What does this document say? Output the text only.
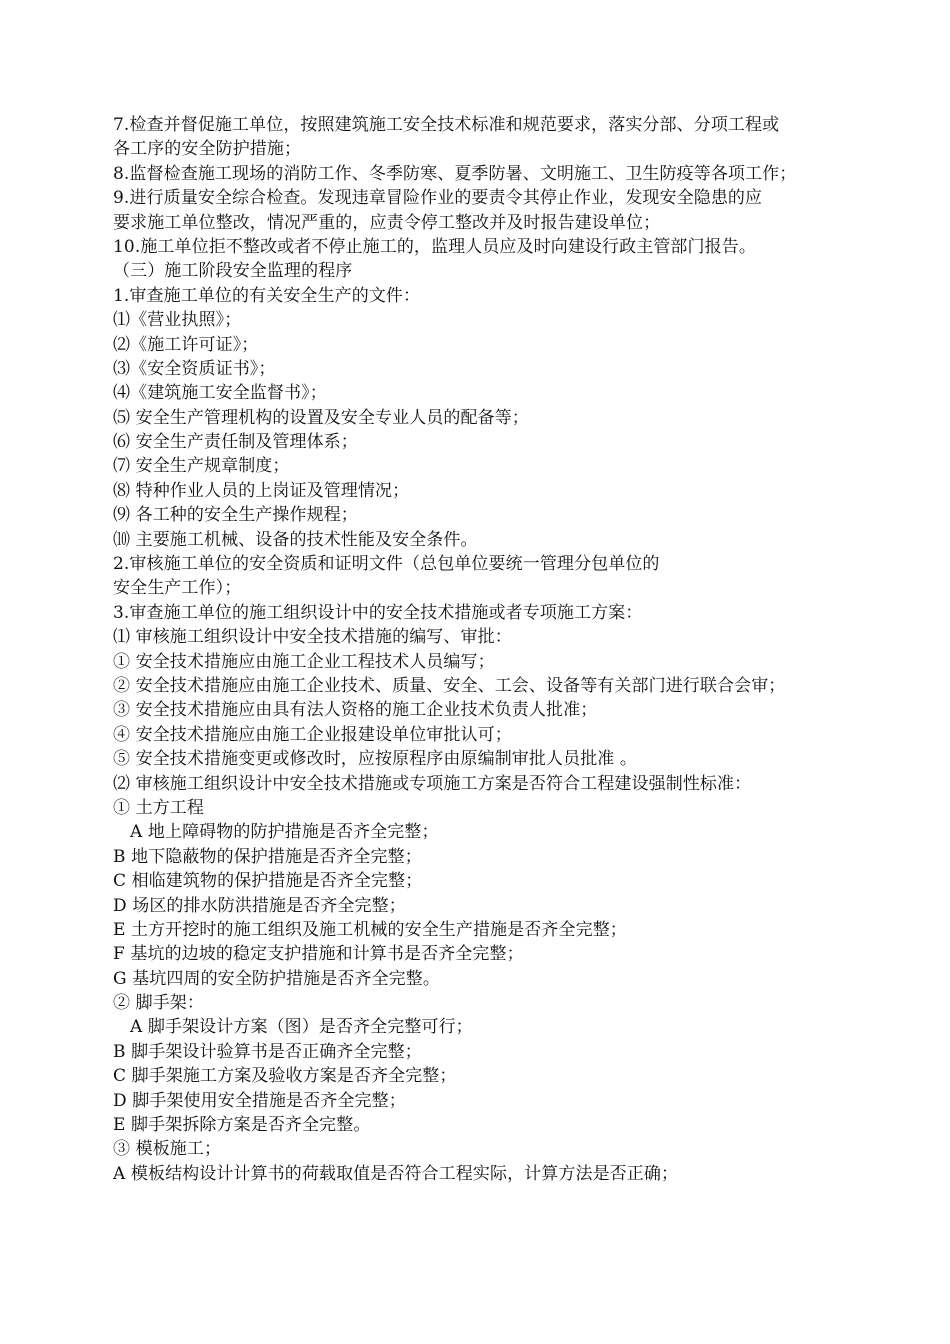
7.检查并督促施工单位，按照建筑施工安全技术标准和规范要求，落实分部、分项工程或
各工序的安全防护措施；
8.监督检查施工现场的消防工作、冬季防寒、夏季防暑、文明施工、卫生防疫等各项工作；
9.进行质量安全综合检查。发现违章冒险作业的要责令其停止作业，发现安全隐患的应
要求施工单位整改，情况严重的，应责令停工整改并及时报告建设单位；
10.施工单位拒不整改或者不停止施工的，监理人员应及时向建设行政主管部门报告。
（三）施工阶段安全监理的程序
1.审查施工单位的有关安全生产的文件：
⑴《营业执照》；
⑵《施工许可证》；
⑶《安全资质证书》；
⑷《建筑施工安全监督书》；
⑸ 安全生产管理机构的设置及安全专业人员的配备等；
⑹ 安全生产责任制及管理体系；
⑺ 安全生产规章制度；
⑻ 特种作业人员的上岗证及管理情况；
⑼ 各工种的安全生产操作规程；
⑽ 主要施工机械、设备的技术性能及安全条件。
2.审核施工单位的安全资质和证明文件（总包单位要统一管理分包单位的
安全生产工作）；
3.审查施工单位的施工组织设计中的安全技术措施或者专项施工方案：
⑴ 审核施工组织设计中安全技术措施的编写、审批：
① 安全技术措施应由施工企业工程技术人员编写；
② 安全技术措施应由施工企业技术、质量、安全、工会、设备等有关部门进行联合会审；
③ 安全技术措施应由具有法人资格的施工企业技术负责人批准；
④ 安全技术措施应由施工企业报建设单位审批认可；
⑤ 安全技术措施变更或修改时，应按原程序由原编制审批人员批准 。
⑵ 审核施工组织设计中安全技术措施或专项施工方案是否符合工程建设强制性标准：
① 土方工程
A 地上障碍物的防护措施是否齐全完整；
B 地下隐蔽物的保护措施是否齐全完整；
C 相临建筑物的保护措施是否齐全完整；
D 场区的排水防洪措施是否齐全完整；
E 土方开挖时的施工组织及施工机械的安全生产措施是否齐全完整；
F 基坑的边坡的稳定支护措施和计算书是否齐全完整；
G 基坑四周的安全防护措施是否齐全完整。
② 脚手架：
A 脚手架设计方案（图）是否齐全完整可行；
B 脚手架设计验算书是否正确齐全完整；
C 脚手架施工方案及验收方案是否齐全完整；
D 脚手架使用安全措施是否齐全完整；
E 脚手架拆除方案是否齐全完整。
③ 模板施工；
A 模板结构设计计算书的荷载取值是否符合工程实际，计算方法是否正确；
